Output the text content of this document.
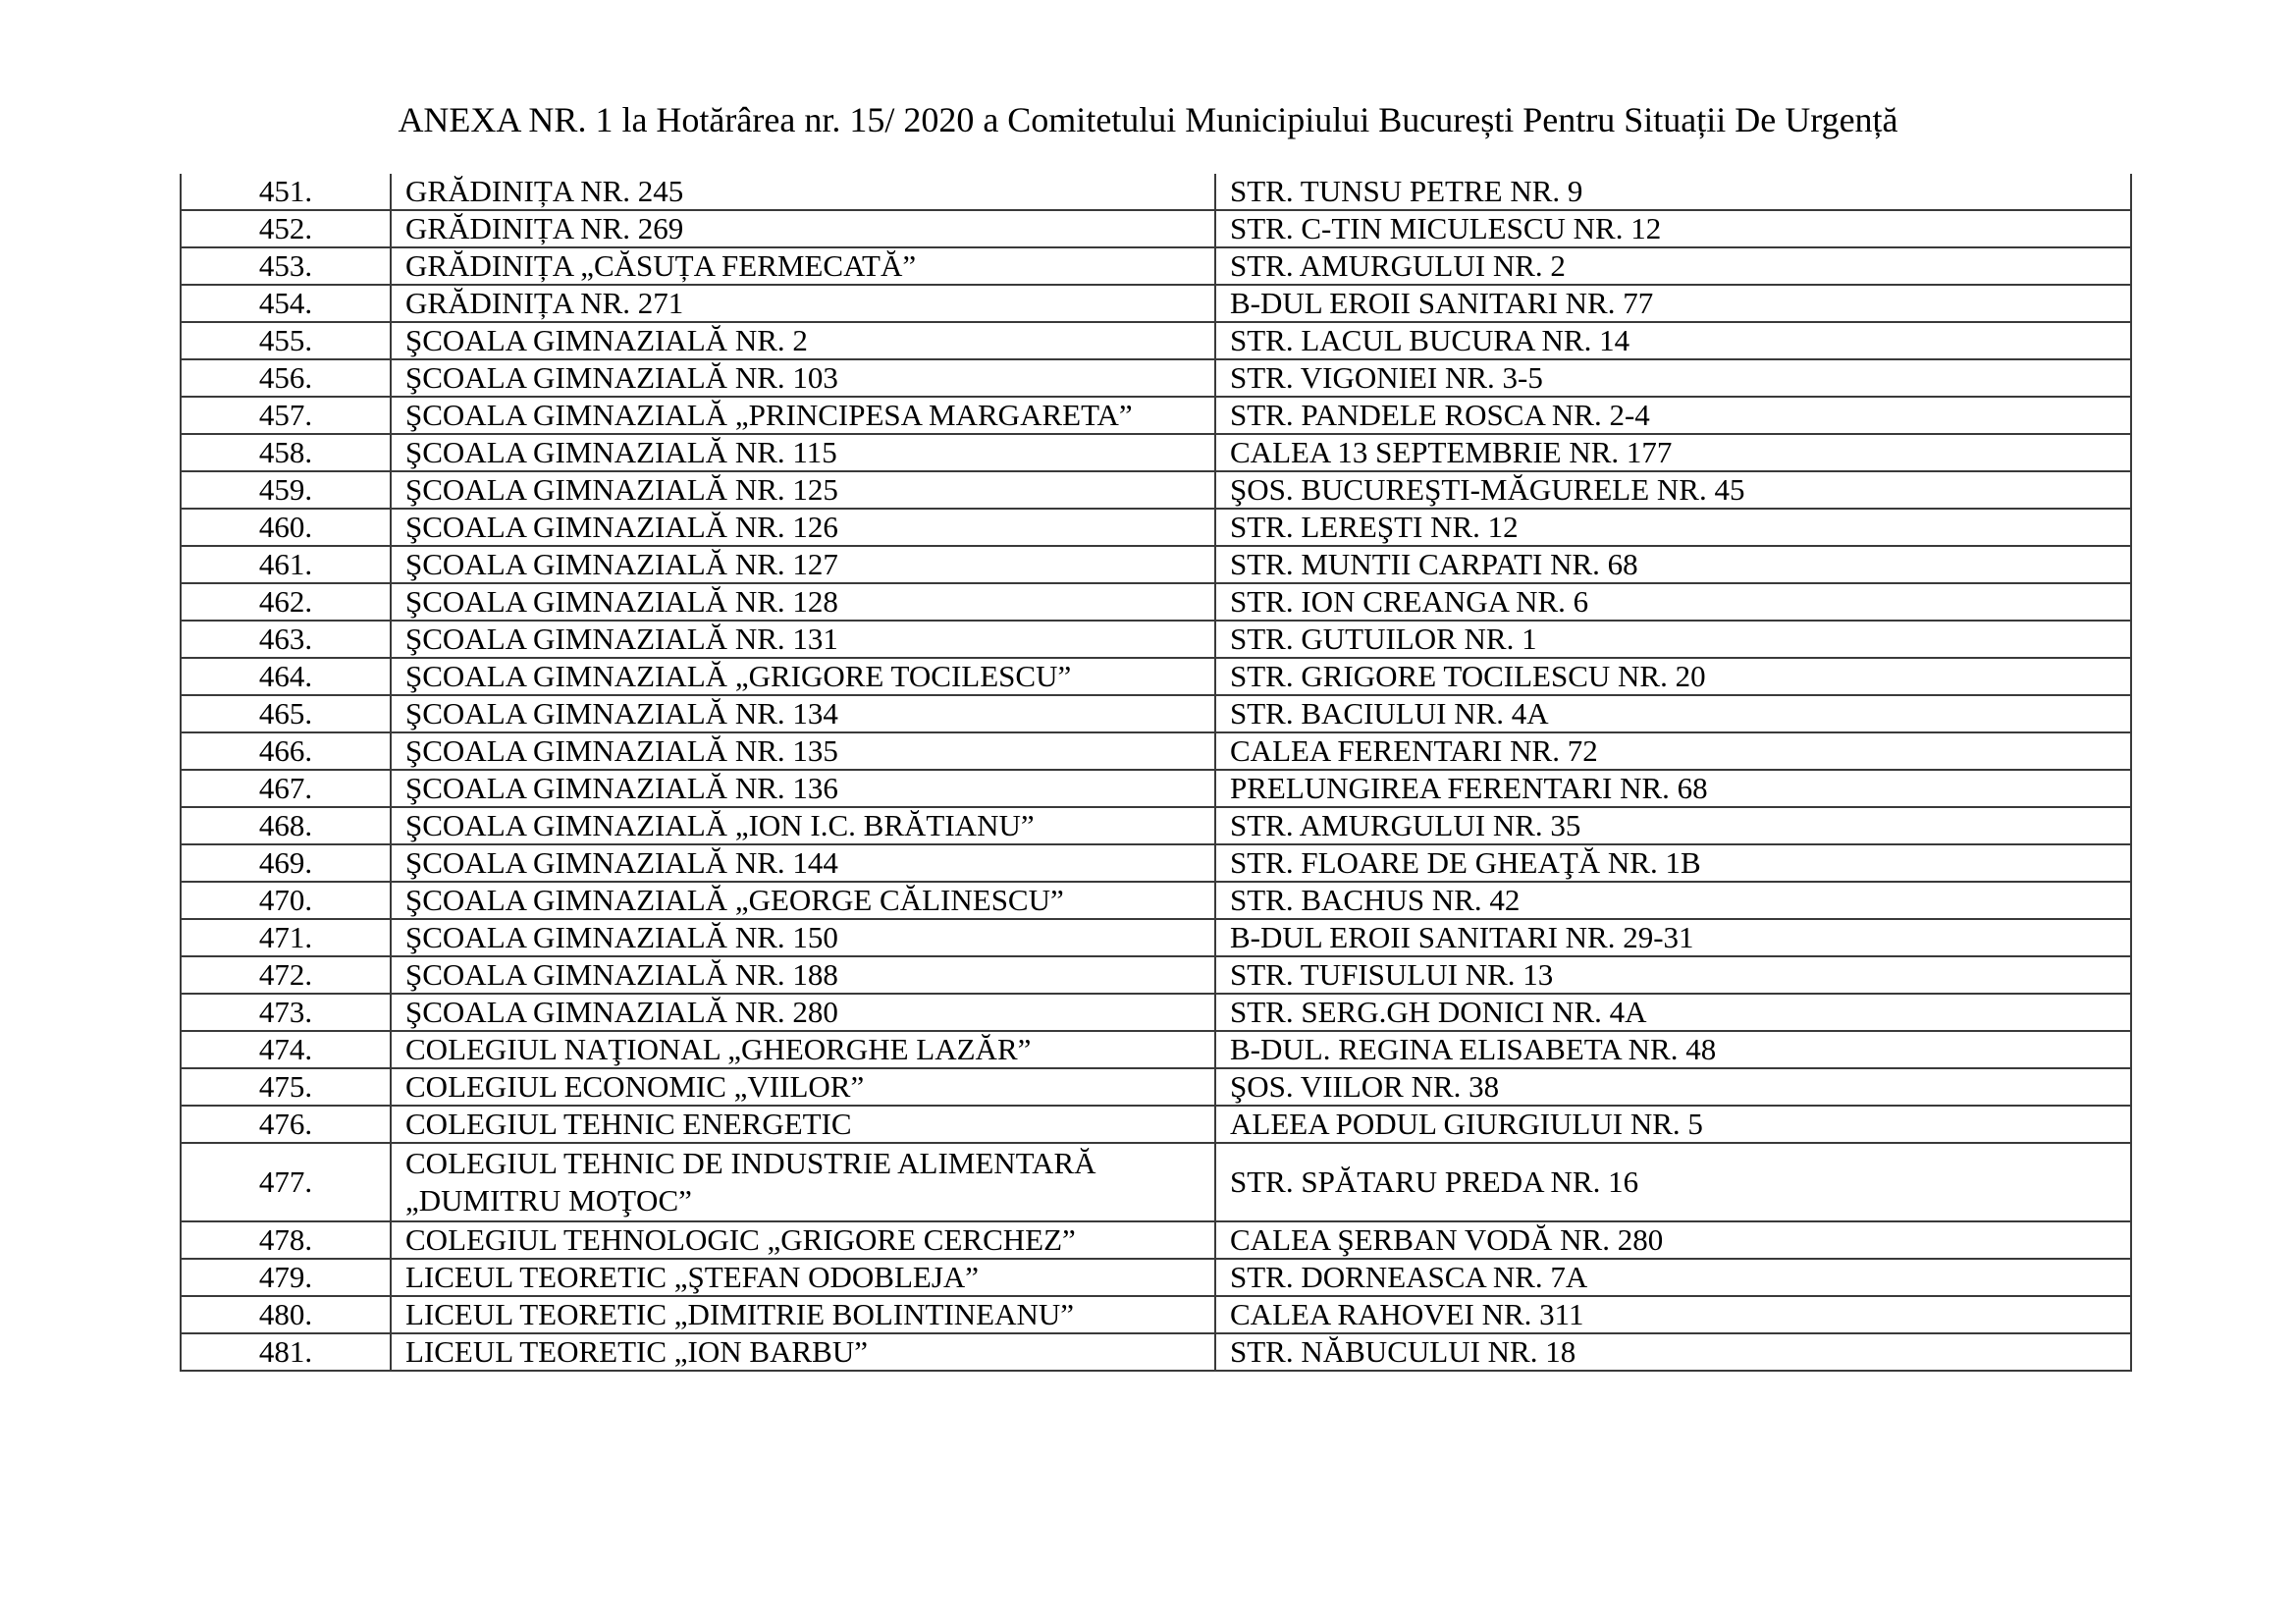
ANEXA NR. 1 la Hotărârea nr. 15/ 2020 a Comitetului Municipiului București Pentru Situații De Urgență
451.	GRĂDINIȚA NR. 245	STR. TUNSU PETRE NR. 9
452.	GRĂDINIȚA NR. 269	STR. C-TIN MICULESCU NR. 12
453.	GRĂDINIȚA „CĂSUȚA FERMECATĂ”	STR. AMURGULUI NR. 2
454.	GRĂDINIȚA NR. 271	B-DUL EROII SANITARI NR. 77
455.	ŞCOALA GIMNAZIALĂ NR. 2	STR. LACUL BUCURA NR. 14
456.	ŞCOALA GIMNAZIALĂ NR. 103	STR. VIGONIEI NR. 3-5
457.	ŞCOALA GIMNAZIALĂ „PRINCIPESA MARGARETA”	STR. PANDELE ROSCA NR. 2-4
458.	ŞCOALA GIMNAZIALĂ NR. 115	CALEA 13 SEPTEMBRIE NR. 177
459.	ŞCOALA GIMNAZIALĂ NR. 125	ŞOS. BUCUREŞTI-MĂGURELE NR. 45
460.	ŞCOALA GIMNAZIALĂ NR. 126	STR. LEREŞTI NR. 12
461.	ŞCOALA GIMNAZIALĂ NR. 127	STR. MUNTII CARPATI NR. 68
462.	ŞCOALA GIMNAZIALĂ NR. 128	STR. ION CREANGA NR. 6
463.	ŞCOALA GIMNAZIALĂ NR. 131	STR. GUTUILOR NR. 1
464.	ŞCOALA GIMNAZIALĂ „GRIGORE TOCILESCU”	STR. GRIGORE TOCILESCU NR. 20
465.	ŞCOALA GIMNAZIALĂ NR. 134	STR. BACIULUI NR. 4A
466.	ŞCOALA GIMNAZIALĂ NR. 135	CALEA FERENTARI NR. 72
467.	ŞCOALA GIMNAZIALĂ NR. 136	PRELUNGIREA FERENTARI NR. 68
468.	ŞCOALA GIMNAZIALĂ „ION I.C. BRĂTIANU”	STR. AMURGULUI NR. 35
469.	ŞCOALA GIMNAZIALĂ NR. 144	STR. FLOARE DE GHEAŢĂ NR. 1B
470.	ŞCOALA GIMNAZIALĂ „GEORGE CĂLINESCU”	STR. BACHUS NR. 42
471.	ŞCOALA GIMNAZIALĂ NR. 150	B-DUL EROII SANITARI NR. 29-31
472.	ŞCOALA GIMNAZIALĂ NR. 188	STR. TUFISULUI NR. 13
473.	ŞCOALA GIMNAZIALĂ NR. 280	STR. SERG.GH DONICI NR. 4A
474.	COLEGIUL NAŢIONAL „GHEORGHE LAZĂR”	B-DUL. REGINA ELISABETA NR. 48
475.	COLEGIUL ECONOMIC „VIILOR”	ŞOS. VIILOR NR. 38
476.	COLEGIUL TEHNIC ENERGETIC	ALEEA PODUL GIURGIULUI NR. 5
477.	COLEGIUL TEHNIC DE INDUSTRIE ALIMENTARĂ „DUMITRU MOŢOC”	STR. SPĂTARU PREDA NR. 16
478.	COLEGIUL TEHNOLOGIC „GRIGORE CERCHEZ”	CALEA ŞERBAN VODĂ NR. 280
479.	LICEUL TEORETIC „ŞTEFAN ODOBLEJA”	STR. DORNEASCA NR. 7A
480.	LICEUL TEORETIC „DIMITRIE BOLINTINEANU”	CALEA RAHOVEI NR. 311
481.	LICEUL TEORETIC „ION BARBU”	STR. NĂBUCULUI NR. 18
